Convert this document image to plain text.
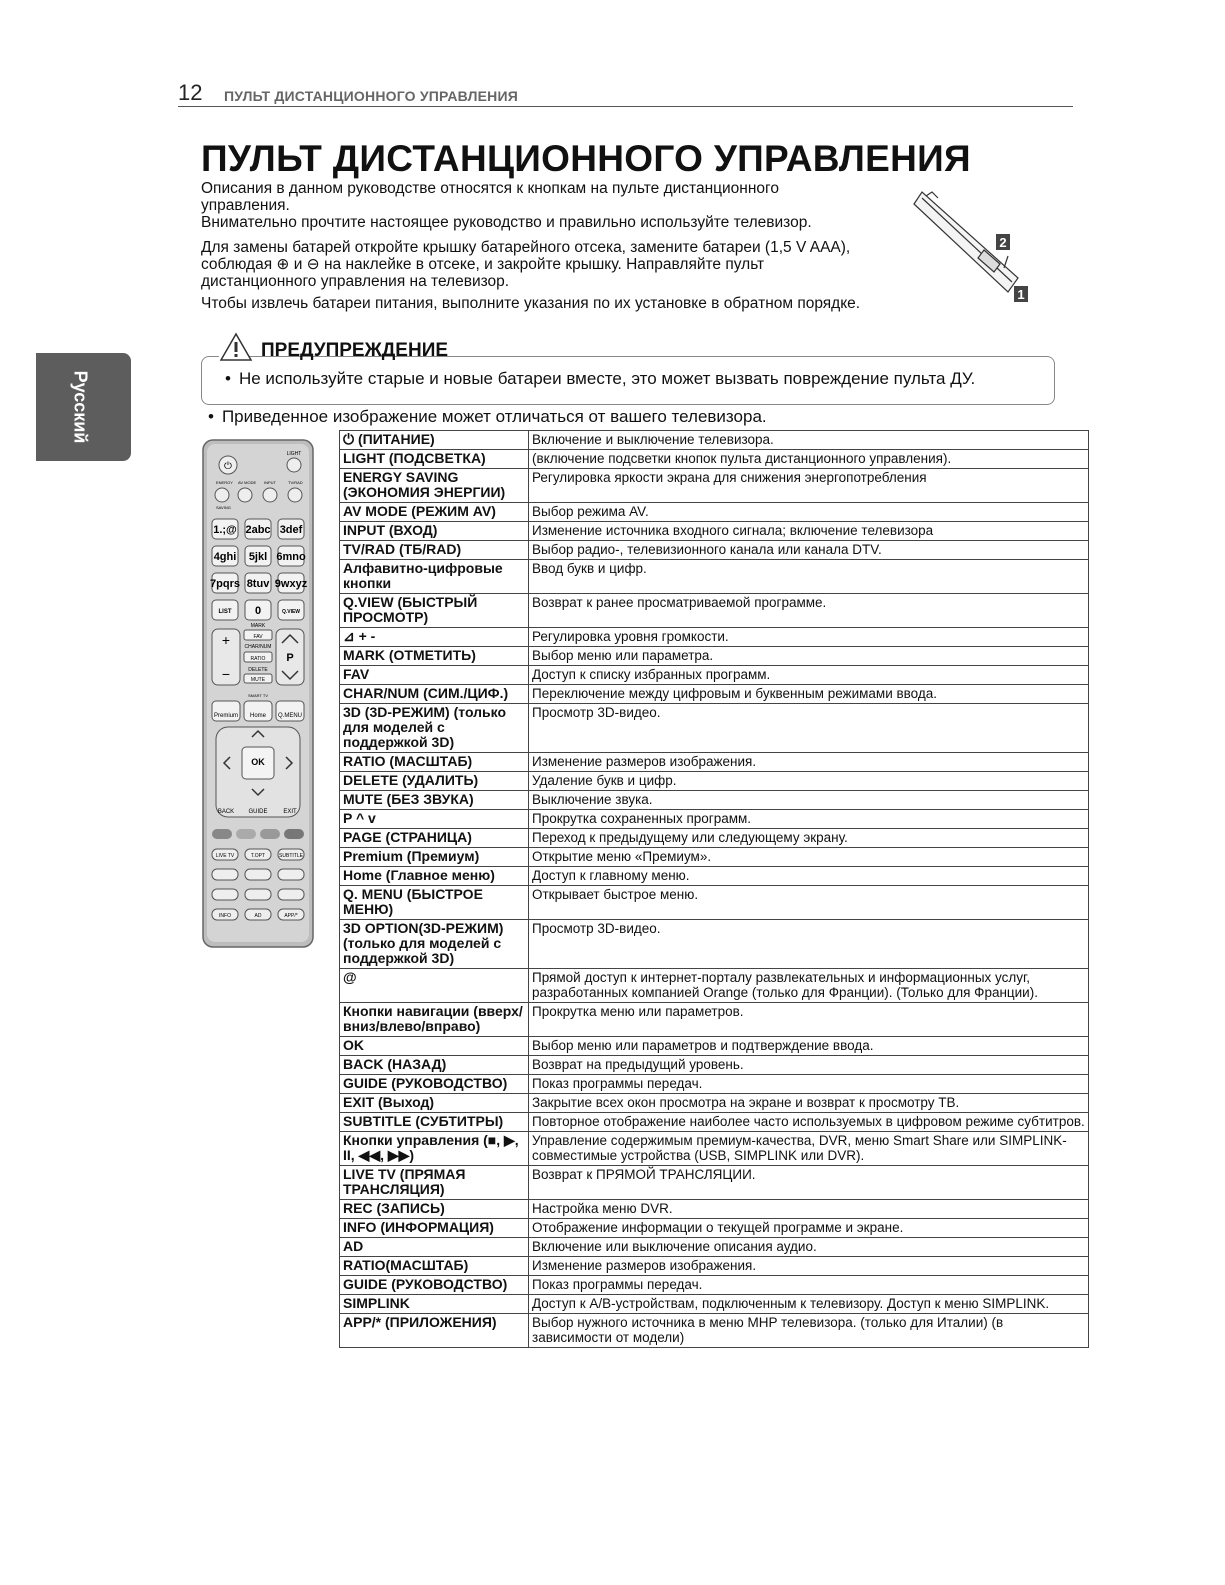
12 ПУЛЬТ ДИСТАНЦИОННОГО УПРАВЛЕНИЯ
Русский
ПУЛЬТ ДИСТАНЦИОННОГО УПРАВЛЕНИЯ

Описания в данном руководстве относятся к кнопкам на пульте дистанционного управления.

Внимательно прочтите настоящее руководство и правильно используйте телевизор.

Для замены батарей откройте крышку батарейного отсека, замените батареи (1,5 V AAA), соблюдая ⊕ и ⊖ на наклейке в отсеке, и закройте крышку. Направляйте пульт дистанционного управления на телевизор.

Чтобы извлечь батареи питания, выполните указания по их установке в обратном порядке.

2
1
ПРЕДУПРЕЖДЕНИЕ
• Не используйте старые и новые батареи вместе, это может вызвать повреждение пульта ДУ.
• Приведенное изображение может отличаться от вашего телевизора.
⏻
LIGHT
ENERGY AV MODE INPUT	TV/RAD
SAVING
1.;@ 2abc 3def
4ghi 5jkl 6mno
7pqrs 8tuv 9wxyz
LIST 0	Q.VIEW
MARK
FAV
CHAR/NUM
RATIO
DELETE
MUTE
+
−
P
SMART TV
Premium Home Q.MENU
OK
BACK GUIDE	EXIT
LIVE TV	T.OPT	SUBTITLE
INFO	AD	APP/*
⏻ (ПИТАНИЕ)	Включение и выключение телевизора.
LIGHT (ПОДСВЕТКА)	(включение подсветки кнопок пульта дистанционного управления).
ENERGY SAVING (ЭКОНОМИЯ ЭНЕРГИИ)	Регулировка яркости экрана для снижения энергопотребления
AV MODE (РЕЖИМ AV)	Выбор режима AV.
INPUT (ВХОД)	Изменение источника входного сигнала; включение телевизора
TV/RAD (ТБ/RAD)	Выбор радио-, телевизионного канала или канала DTV.
Алфавитно-цифровые кнопки	Ввод букв и цифр.
Q.VIEW (БЫСТРЫЙ ПРОСМОТР)	Возврат к ранее просматриваемой программе.
⊿ + -	Регулировка уровня громкости.
MARK (ОТМЕТИТЬ)	Выбор меню или параметра.
FAV	Доступ к списку избранных программ.
CHAR/NUM (СИМ./ЦИФ.)	Переключение между цифровым и буквенным режимами ввода.
3D (3D-РЕЖИМ) (только для моделей с поддержкой 3D)	Просмотр 3D-видео.
RATIO (МАСШТАБ)	Изменение размеров изображения.
DELETE (УДАЛИТЬ)	Удаление букв и цифр.
MUTE (БЕЗ ЗВУКА)	Выключение звука.
P ^ v	Прокрутка сохраненных программ.
PAGE (СТРАНИЦА)	Переход к предыдущему или следующему экрану.
Premium (Премиум)	Открытие меню «Премиум».
Home (Главное меню)	Доступ к главному меню.
Q. MENU (БЫСТРОЕ МЕНЮ)	Открывает быстрое меню.
3D OPTION(3D-РЕЖИМ) (только для моделей с поддержкой 3D)	Просмотр 3D-видео.
@	Прямой доступ к интернет-порталу развлекательных и информационных услуг, разработанных компанией Orange (только для Франции). (Только для Франции).
Кнопки навигации (вверх/вниз/влево/вправо)	Прокрутка меню или параметров.
OK	Выбор меню или параметров и подтверждение ввода.
BACK (НАЗАД)	Возврат на предыдущий уровень.
GUIDE (РУКОВОДСТВО)	Показ программы передач.
EXIT (Выход)	Закрытие всех окон просмотра на экране и возврат к просмотру ТВ.
SUBTITLE (СУБТИТРЫ)	Повторное отображение наиболее часто используемых в цифровом режиме субтитров.
Кнопки управления (■, ▶, II, ◀◀, ▶▶)	Управление содержимым премиум-качества, DVR, меню Smart Share или SIMPLINK-совместимые устройства (USB, SIMPLINK или DVR).
LIVE TV (ПРЯМАЯ ТРАНСЛЯЦИЯ)	Возврат к ПРЯМОЙ ТРАНСЛЯЦИИ.
REC (ЗАПИСЬ)	Настройка меню DVR.
INFO (ИНФОРМАЦИЯ)	Отображение информации о текущей программе и экране.
AD	Включение или выключение описания аудио.
RATIO(МАСШТАБ)	Изменение размеров изображения.
GUIDE (РУКОВОДСТВО)	Показ программы передач.
SIMPLINK	Доступ к A/B-устройствам, подключенным к телевизору. Доступ к меню SIMPLINK.
APP/* (ПРИЛОЖЕНИЯ)	Выбор нужного источника в меню MHP телевизора. (только для Италии) (в зависимости от модели)
